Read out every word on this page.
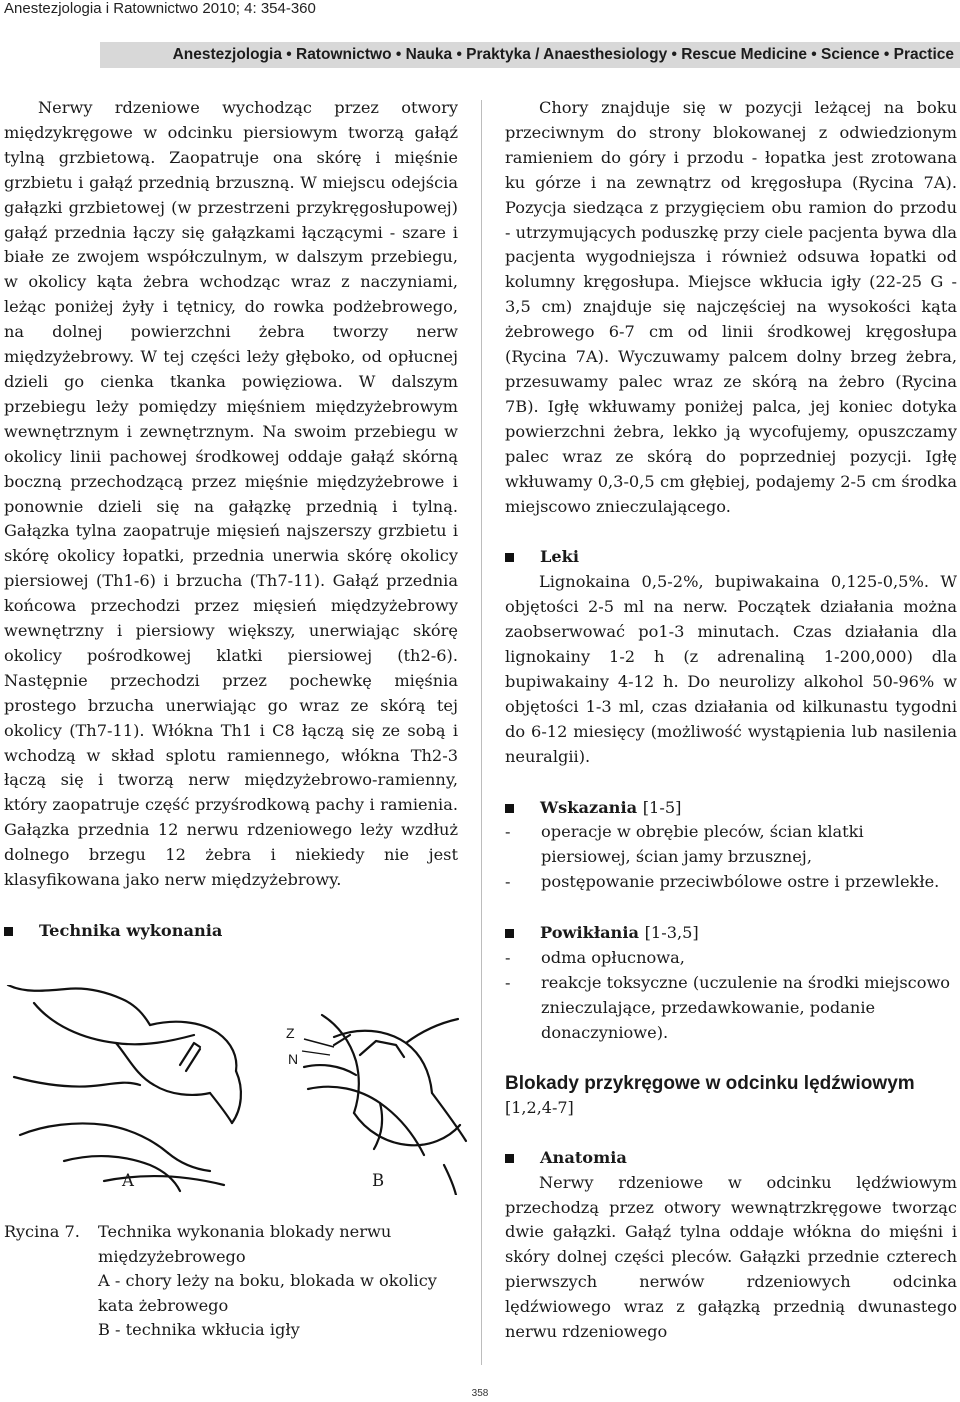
Anestezjologia i Ratownictwo 2010; 4: 354-360
Anestezjologia • Ratownictwo • Nauka • Praktyka / Anaesthesiology • Rescue Medicine • Science • Practice

Nerwy rdzeniowe wychodząc przez otwory międzykręgowe w odcinku piersiowym tworzą gałąź tylną grzbietową. Zaopatruje ona skórę i mięśnie grzbietu i gałąź przednią brzuszną. W miejscu odejścia gałązki grzbietowej (w przestrzeni przykręgosłupowej) gałąź przednia łączy się gałązkami łączącymi - szare i białe ze zwojem współczulnym, w dalszym przebiegu, w okolicy kąta żebra wchodząc wraz z naczyniami, leżąc poniżej żyły i tętnicy, do rowka podżebrowego, na dolnej powierzchni żebra tworzy nerw międzyżebrowy. W tej części leży głęboko, od opłucnej dzieli go cienka tkanka powięziowa. W dalszym przebiegu leży pomiędzy mięśniem międzyżebrowym wewnętrznym i zewnętrznym. Na swoim przebiegu w okolicy linii pachowej środkowej oddaje gałąź skórną boczną przechodzącą przez mięśnie międzyżebrowe i ponownie dzieli się na gałązkę przednią i tylną. Gałązka tylna zaopatruje mięsień najszerszy grzbietu i skórę okolicy łopatki, przednia unerwia skórę okolicy piersiowej (Th1-6) i brzucha (Th7-11). Gałąź przednia końcowa przechodzi przez mięsień międzyżebrowy wewnętrzny i piersiowy większy, unerwiając skórę okolicy pośrodkowej klatki piersiowej (th2-6). Następnie przechodzi przez pochewkę mięśnia prostego brzucha unerwiając go wraz ze skórą tej okolicy (Th7-11). Włókna Th1 i C8 łączą się ze sobą i wchodzą w skład splotu ramiennego, włókna Th2-3 łączą się i tworzą nerw międzyżebrowo-ramienny, który zaopatruje część przyśrodkową pachy i ramienia. Gałązka przednia 12 nerwu rdzeniowego leży wzdłuż dolnego brzegu 12 żebra i niekiedy nie jest klasyfikowana jako nerw międzyżebrowy.

Technika wykonania
Z
N
A	B
Rycina 7.	Technika wykonania blokady nerwu
międzyżebrowego
A - chory leży na boku, blokada w okolicy
kata żebrowego
B - technika wkłucia igły

Chory znajduje się w pozycji leżącej na boku przeciwnym do strony blokowanej z odwiedzionym ramieniem do góry i przodu - łopatka jest zrotowana ku górze i na zewnątrz od kręgosłupa (Rycina 7A). Pozycja siedząca z przygięciem obu ramion do przodu - utrzymujących poduszkę przy ciele pacjenta bywa dla pacjenta wygodniejsza i również odsuwa łopatki od kolumny kręgosłupa. Miejsce wkłucia igły (22-25 G - 3,5 cm) znajduje się najczęściej na wysokości kąta żebrowego 6-7 cm od linii środkowej kręgosłupa (Rycina 7A). Wyczuwamy palcem dolny brzeg żebra, przesuwamy palec wraz ze skórą na żebro (Rycina 7B). Igłę wkłuwamy poniżej palca, jej koniec dotyka powierzchni żebra, lekko ją wycofujemy, opuszczamy palec wraz ze skórą do poprzedniej pozycji. Igłę wkłuwamy 0,3-0,5 cm głębiej, podajemy 2-5 cm środka miejscowo znieczulającego.

Leki

Lignokaina 0,5-2%, bupiwakaina 0,125-0,5%. W objętości 2-5 ml na nerw. Początek działania można zaobserwować po1-3 minutach. Czas działania dla lignokainy 1-2 h (z adrenaliną 1-200,000) dla bupiwakainy 4-12 h. Do neurolizy alkohol 50-96% w objętości 1-3 ml, czas działania od kilkunastu tygodni do 6-12 miesięcy (możliwość wystąpienia lub nasilenia neuralgii).

Wskazania
[1-5]
-	operacje w obrębie pleców, ścian klatki piersiowej, ścian jamy brzusznej,
-	postępowanie przeciwbólowe ostre i przewlekłe.
Powikłania
[1-3,5]
-	odma opłucnowa,
-	reakcje toksyczne (uczulenie na środki miejscowo znieczulające, przedawkowanie, podanie donaczyniowe).
Blokady przykręgowe w odcinku lędźwiowym [1,2,4-7]
Anatomia

Nerwy rdzeniowe w odcinku lędźwiowym przechodzą przez otwory wewnątrzkręgowe tworząc dwie gałązki. Gałąź tylna oddaje włókna do mięśni i skóry dolnej części pleców. Gałązki przednie czterech pierwszych nerwów rdzeniowych odcinka lędźwiowego wraz z gałązką przednią dwunastego nerwu rdzeniowego

358
